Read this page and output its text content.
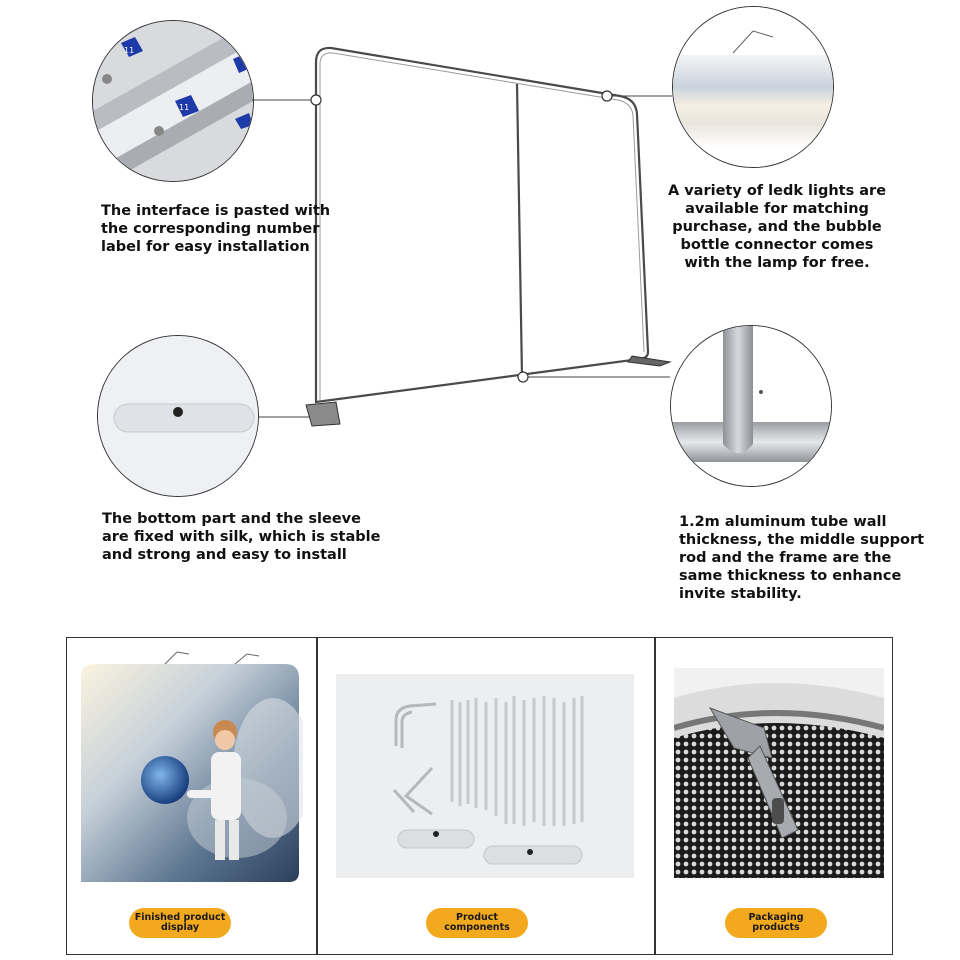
11
11
The interface is pasted with
the corresponding number
label for easy installation
A variety of ledk lights are
available for matching
purchase, and the bubble
bottle connector comes
with the lamp for free.
The bottom part and the sleeve
are fixed with silk, which is stable
and strong and easy to install
1.2m aluminum tube wall
thickness, the middle support
rod and the frame are the
same thickness to enhance
invite stability.
Finished product
display
Product
components
Packaging
products
